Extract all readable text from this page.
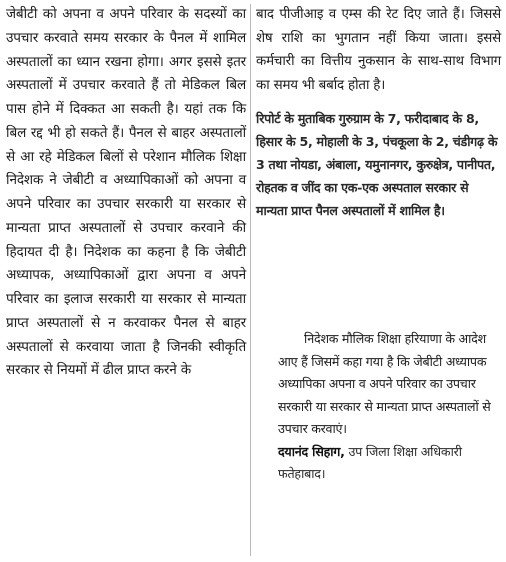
जेबीटी को अपना व अपने परिवार के सदस्यों का उपचार करवाते समय सरकार के पैनल में शामिल अस्पतालों का ध्यान रखना होगा। अगर इससे इतर अस्पतालों में उपचार करवाते हैं तो मेडिकल बिल पास होने में दिक्कत आ सकती है। यहां तक कि बिल रद्द भी हो सकते हैं। पैनल से बाहर अस्पतालों से आ रहे मेडिकल बिलों से परेशान मौलिक शिक्षा निदेशक ने जेबीटी व अध्यापिकाओं को अपना व अपने परिवार का उपचार सरकारी या सरकार से मान्यता प्राप्त अस्पतालों से उपचार करवाने की हिदायत दी है। निदेशक का कहना है कि जेबीटी अध्यापक, अध्यापिकाओं द्वारा अपना व अपने परिवार का इलाज सरकारी या सरकार से मान्यता प्राप्त अस्पतालों से न करवाकर पैनल से बाहर अस्पतालों से करवाया जाता है जिनकी स्वीकृति सरकार से नियमों में ढील प्राप्त करने के

बाद पीजीआइ व एम्स की रेट दिए जाते हैं। जिससे शेष राशि का भुगतान नहीं किया जाता। इससे कर्मचारी का वित्तीय नुकसान के साथ-साथ विभाग का समय भी बर्बाद होता है।

रिपोर्ट के मुताबिक गुरुग्राम के 7, फरीदाबाद के 8, हिसार के 5, मोहाली के 3, पंचकूला के 2, चंडीगढ़ के 3 तथा नोयडा, अंबाला, यमुनानगर, कुरुक्षेत्र, पानीपत, रोहतक व जींद का एक-एक अस्पताल सरकार से मान्यता प्राप्त पैनल अस्पतालों में शामिल है।

निदेशक मौलिक शिक्षा हरियाणा के आदेश आए हैं जिसमें कहा गया है कि जेबीटी अध्यापक अध्यापिका अपना व अपने परिवार का उपचार सरकारी या सरकार से मान्यता प्राप्त अस्पतालों से उपचार करवाएं।

दयानंद सिहाग, उप जिला शिक्षा अधिकारी फतेहाबाद।
